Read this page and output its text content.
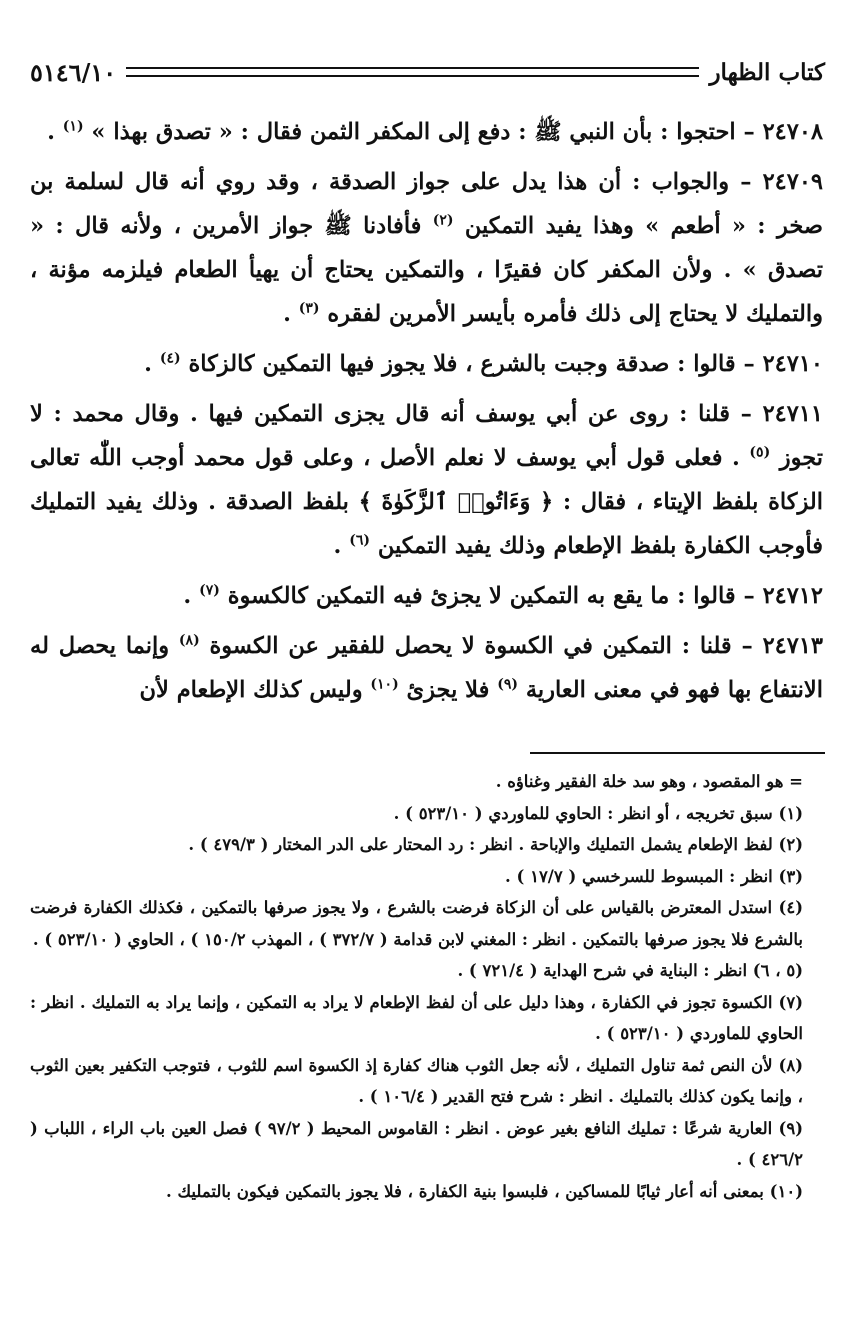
كتاب الظهار
٥١٤٦/١٠

٢٤٧٠٨ – احتجوا : بأن النبي ﷺ : دفع إلى المكفر الثمن فقال : « تصدق بهذا » $^{(١)}$ .

٢٤٧٠٩ – والجواب : أن هذا يدل على جواز الصدقة ، وقد روي أنه قال لسلمة بن صخر : « أطعم » وهذا يفيد التمكين $^{(٢)}$ فأفادنا ﷺ جواز الأمرين ، ولأنه قال : « تصدق » . ولأن المكفر كان فقيرًا ، والتمكين يحتاج أن يهيأ الطعام فيلزمه مؤنة ، والتمليك لا يحتاج إلى ذلك فأمره بأيسر الأمرين لفقره $^{(٣)}$ .

٢٤٧١٠ – قالوا : صدقة وجبت بالشرع ، فلا يجوز فيها التمكين كالزكاة $^{(٤)}$ .

٢٤٧١١ – قلنا : روى عن أبي يوسف أنه قال يجزى التمكين فيها . وقال محمد : لا تجوز $^{(٥)}$ . فعلى قول أبي يوسف لا نعلم الأصل ، وعلى قول محمد أوجب اللّٰه تعالى الزكاة بلفظ الإيتاء ، فقال : ﴿ وَءَاتُوا۟ ٱلزَّكَوٰةَ ﴾ بلفظ الصدقة . وذلك يفيد التمليك فأوجب الكفارة بلفظ الإطعام وذلك يفيد التمكين $^{(٦)}$ .

٢٤٧١٢ – قالوا : ما يقع به التمكين لا يجزئ فيه التمكين كالكسوة $^{(٧)}$ .

٢٤٧١٣ – قلنا : التمكين في الكسوة لا يحصل للفقير عن الكسوة $^{(٨)}$ وإنما يحصل له الانتفاع بها فهو في معنى العارية $^{(٩)}$ فلا يجزئ $^{(١٠)}$ وليس كذلك الإطعام لأن

= هو المقصود ، وهو سد خلة الفقير وغناؤه .

(١) سبق تخريجه ، أو انظر : الحاوي للماوردي ( ٥٢٣/١٠ ) .

(٢) لفظ الإطعام يشمل التمليك والإباحة . انظر : رد المحتار على الدر المختار ( ٤٧٩/٣ ) .

(٣) انظر : المبسوط للسرخسي ( ١٧/٧ ) .

(٤) استدل المعترض بالقياس على أن الزكاة فرضت بالشرع ، ولا يجوز صرفها بالتمكين ، فكذلك الكفارة فرضت بالشرع فلا يجوز صرفها بالتمكين . انظر : المغني لابن قدامة ( ٣٧٢/٧ ) ، المهذب ١٥٠/٢ ) ، الحاوي ( ٥٢٣/١٠ ) .

(٥ ، ٦) انظر : البناية في شرح الهداية ( ٧٢١/٤ ) .

(٧) الكسوة تجوز في الكفارة ، وهذا دليل على أن لفظ الإطعام لا يراد به التمكين ، وإنما يراد به التمليك . انظر : الحاوي للماوردي ( ٥٢٣/١٠ ) .

(٨) لأن النص ثمة تناول التمليك ، لأنه جعل الثوب هناك كفارة إذ الكسوة اسم للثوب ، فتوجب التكفير بعين الثوب ، وإنما يكون كذلك بالتمليك . انظر : شرح فتح القدير ( ١٠٦/٤ ) .

(٩) العارية شرعًا : تمليك النافع بغير عوض . انظر : القاموس المحيط ( ٩٧/٢ ) فصل العين باب الراء ، اللباب ( ٤٢٦/٢ ) .

(١٠) بمعنى أنه أعار ثيابًا للمساكين ، فلبسوا بنية الكفارة ، فلا يجوز بالتمكين فيكون بالتمليك .
